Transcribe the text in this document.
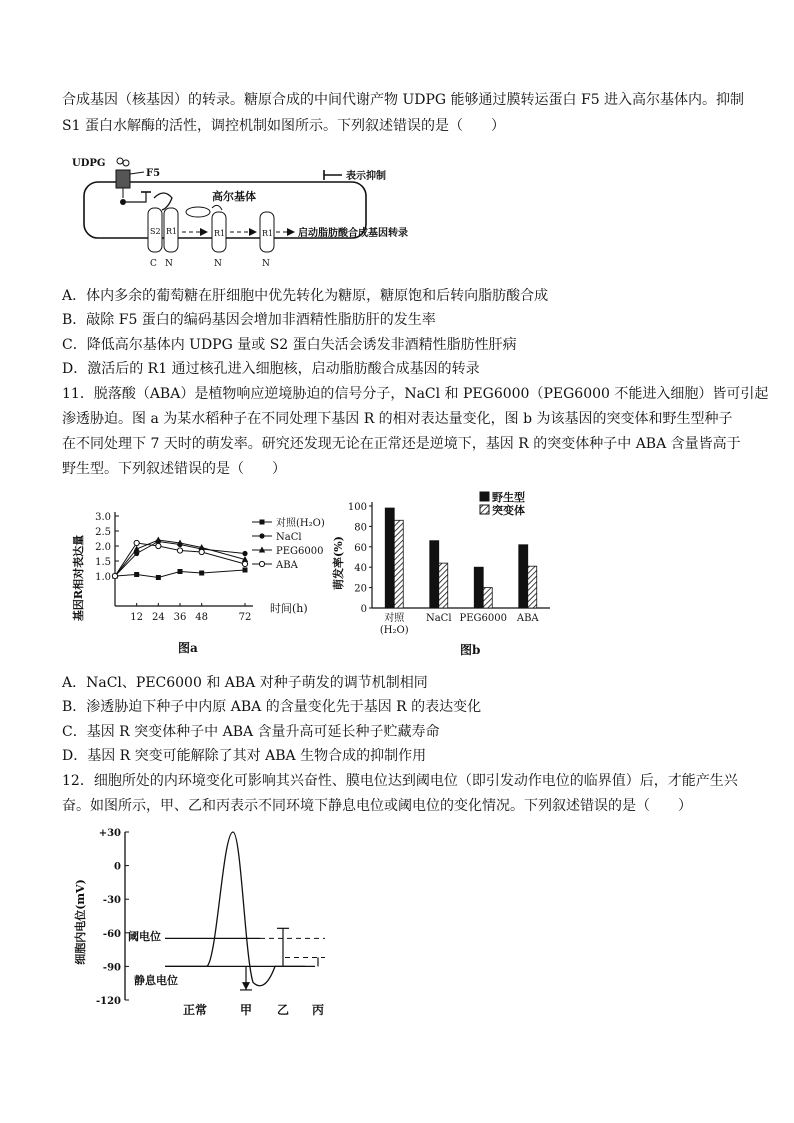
合成基因（核基因）的转录。糖原合成的中间代谢产物 UDPG 能够通过膜转运蛋白 F5 进入高尔基体内。抑制
S1 蛋白水解酶的活性，调控机制如图所示。下列叙述错误的是（　　）
高尔基体
UDPG
F5
S2 R1
C N
R1
N
R1
N
启动脂肪酸合成基因转录
表示抑制
A．体内多余的葡萄糖在肝细胞中优先转化为糖原，糖原饱和后转向脂肪酸合成
B．敲除 F5 蛋白的编码基因会增加非酒精性脂肪肝的发生率
C．降低高尔基体内 UDPG 量或 S2 蛋白失活会诱发非酒精性脂肪性肝病
D．激活后的 R1 通过核孔进入细胞核，启动脂肪酸合成基因的转录
11．脱落酸（ABA）是植物响应逆境胁迫的信号分子，NaCl 和 PEG6000（PEG6000 不能进入细胞）皆可引起
渗透胁迫。图 a 为某水稻种子在不同处理下基因 R 的相对表达量变化，图 b 为该基因的突变体和野生型种子
在不同处理下 7 天时的萌发率。研究还发现无论在正常还是逆境下，基因 R 的突变体种子中 ABA 含量皆高于
野生型。下列叙述错误的是（　　）
基因R相对表达量	时间(h)
图a
1.0
1.5
2.0
2.5
3.0
12 24 36 48	72
对照(H₂O)
NaCl
PEG6000
ABA	萌发率(%)
图b
0
20
40
60
80
100
对照
(H₂O)
NaCl PEG6000 ABA
野生型
突变体
A．NaCl、PEC6000 和 ABA 对种子萌发的调节机制相同
B．渗透胁迫下种子中内原 ABA 的含量变化先于基因 R 的表达变化
C．基因 R 突变体种子中 ABA 含量升高可延长种子贮藏寿命
D．基因 R 突变可能解除了其对 ABA 生物合成的抑制作用
12．细胞所处的内环境变化可影响其兴奋性、膜电位达到阈电位（即引发动作电位的临界值）后，才能产生兴
奋。如图所示，甲、乙和丙表示不同环境下静息电位或阈电位的变化情况。下列叙述错误的是（　　）
细胞内电位(mV)	阈电位
静息电位
+30
0
-30
-60
-90
-120
正常	甲 乙 丙
